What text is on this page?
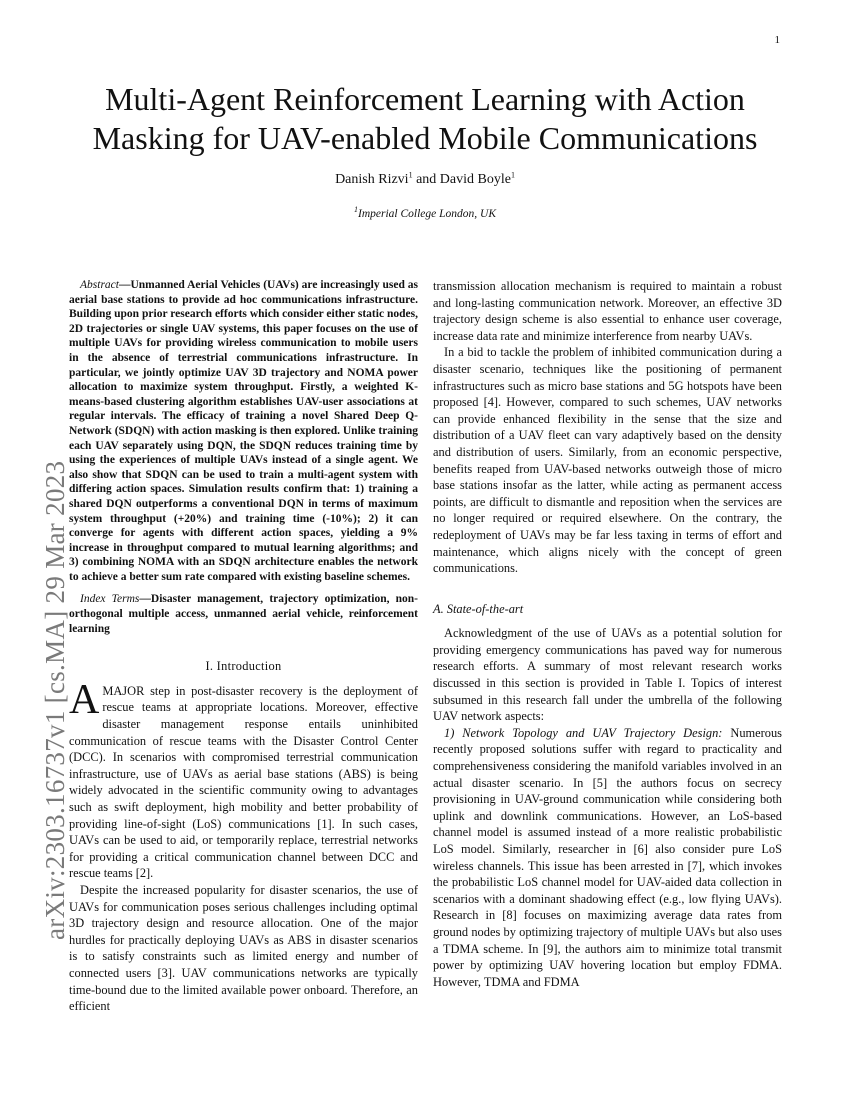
1
arXiv:2303.16737v1 [cs.MA] 29 Mar 2023
Multi-Agent Reinforcement Learning with Action Masking for UAV-enabled Mobile Communications
Danish Rizvi$^1$ and David Boyle$^1$
$^1$Imperial College London, UK

Abstract—Unmanned Aerial Vehicles (UAVs) are increasingly used as aerial base stations to provide ad hoc communications infrastructure. Building upon prior research efforts which consider either static nodes, 2D trajectories or single UAV systems, this paper focuses on the use of multiple UAVs for providing wireless communication to mobile users in the absence of terrestrial communications infrastructure. In particular, we jointly optimize UAV 3D trajectory and NOMA power allocation to maximize system throughput. Firstly, a weighted K-means-based clustering algorithm establishes UAV-user associations at regular intervals. The efficacy of training a novel Shared Deep Q-Network (SDQN) with action masking is then explored. Unlike training each UAV separately using DQN, the SDQN reduces training time by using the experiences of multiple UAVs instead of a single agent. We also show that SDQN can be used to train a multi-agent system with differing action spaces. Simulation results confirm that: 1) training a shared DQN outperforms a conventional DQN in terms of maximum system throughput (+20%) and training time (-10%); 2) it can converge for agents with different action spaces, yielding a 9% increase in throughput compared to mutual learning algorithms; and 3) combining NOMA with an SDQN architecture enables the network to achieve a better sum rate compared with existing baseline schemes.

Index Terms—Disaster management, trajectory optimization, non-orthogonal multiple access, unmanned aerial vehicle, reinforcement learning

I. Introduction

AMAJOR step in post-disaster recovery is the deployment of rescue teams at appropriate locations. Moreover, effective disaster management response entails uninhibited communication of rescue teams with the Disaster Control Center (DCC). In scenarios with compromised terrestrial communication infrastructure, use of UAVs as aerial base stations (ABS) is being widely advocated in the scientific community owing to advantages such as swift deployment, high mobility and better probability of providing line-of-sight (LoS) communications [1]. In such cases, UAVs can be used to aid, or temporarily replace, terrestrial networks for providing a critical communication channel between DCC and rescue teams [2].

Despite the increased popularity for disaster scenarios, the use of UAVs for communication poses serious challenges including optimal 3D trajectory design and resource allocation. One of the major hurdles for practically deploying UAVs as ABS in disaster scenarios is to satisfy constraints such as limited energy and number of connected users [3]. UAV communications networks are typically time-bound due to the limited available power onboard. Therefore, an efficient

transmission allocation mechanism is required to maintain a robust and long-lasting communication network. Moreover, an effective 3D trajectory design scheme is also essential to enhance user coverage, increase data rate and minimize interference from nearby UAVs.

In a bid to tackle the problem of inhibited communication during a disaster scenario, techniques like the positioning of permanent infrastructures such as micro base stations and 5G hotspots have been proposed [4]. However, compared to such schemes, UAV networks can provide enhanced flexibility in the sense that the size and distribution of a UAV fleet can vary adaptively based on the density and distribution of users. Similarly, from an economic perspective, benefits reaped from UAV-based networks outweigh those of micro base stations insofar as the latter, while acting as permanent access points, are difficult to dismantle and reposition when the services are no longer required or required elsewhere. On the contrary, the redeployment of UAVs may be far less taxing in terms of effort and maintenance, which aligns nicely with the concept of green communications.

A. State-of-the-art

Acknowledgment of the use of UAVs as a potential solution for providing emergency communications has paved way for numerous research efforts. A summary of most relevant research works discussed in this section is provided in Table I. Topics of interest subsumed in this research fall under the umbrella of the following UAV network aspects:

1) Network Topology and UAV Trajectory Design: Numerous recently proposed solutions suffer with regard to practicality and comprehensiveness considering the manifold variables involved in an actual disaster scenario. In [5] the authors focus on secrecy provisioning in UAV-ground communication while considering both uplink and downlink communications. However, an LoS-based channel model is assumed instead of a more realistic probabilistic LoS model. Similarly, researcher in [6] also consider pure LoS wireless channels. This issue has been arrested in [7], which invokes the probabilistic LoS channel model for UAV-aided data collection in scenarios with a dominant shadowing effect (e.g., low flying UAVs). Research in [8] focuses on maximizing average data rates from ground nodes by optimizing trajectory of multiple UAVs but also uses a TDMA scheme. In [9], the authors aim to minimize total transmit power by optimizing UAV hovering location but employ FDMA. However, TDMA and FDMA
